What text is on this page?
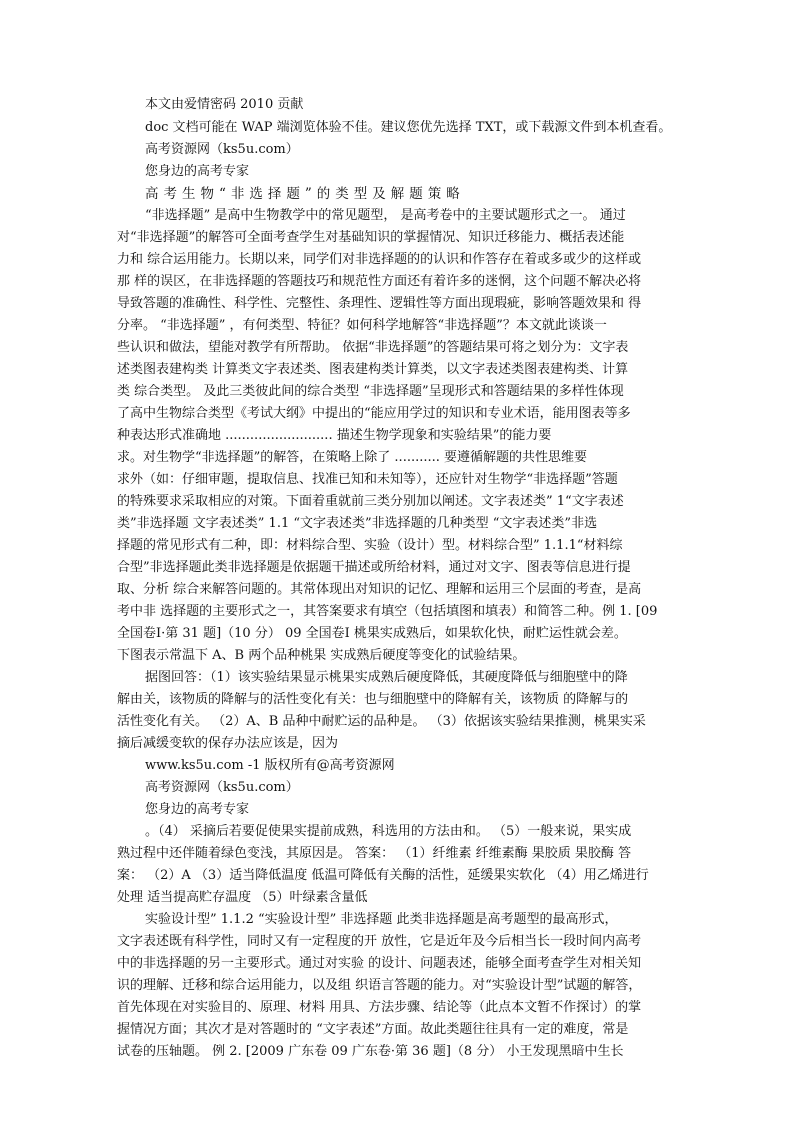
本文由爱情密码 2010 贡献
doc 文档可能在 WAP 端浏览体验不佳。建议您优先选择 TXT，或下载源文件到本机查看。
高考资源网（ks5u.com）
您身边的高考专家
高考生物“非选择题”的类型及解题策略
“非选择题” 是高中生物教学中的常见题型， 是高考卷中的主要试题形式之一。 通过
对“非选择题”的解答可全面考查学生对基础知识的掌握情况、知识迁移能力、概括表述能
力和 综合运用能力。长期以来，同学们对非选择题的的认识和作答存在着或多或少的这样或
那 样的误区，在非选择题的答题技巧和规范性方面还有着许多的迷惘，这个问题不解决必将
导致答题的准确性、科学性、完整性、条理性、逻辑性等方面出现瑕疵，影响答题效果和 得
分率。 “非选择题” ，有何类型、特征？如何科学地解答“非选择题”？本文就此谈谈一
些认识和做法，望能对教学有所帮助。 依据“非选择题”的答题结果可将之划分为：文字表
述类图表建构类 计算类文字表述类、图表建构类计算类，以文字表述类图表建构类、计算
类 综合类型。 及此三类彼此间的综合类型 “非选择题”呈现形式和答题结果的多样性体现
了高中生物综合类型《考试大纲》中提出的“能应用学过的知识和专业术语，能用图表等多
种表达形式准确地 .......................... 描述生物学现象和实验结果”的能力要
求。对生物学“非选择题”的解答，在策略上除了 ........... 要遵循解题的共性思维要
求外（如：仔细审题，提取信息、找准已知和未知等），还应针对生物学“非选择题”答题
的特殊要求采取相应的对策。下面着重就前三类分别加以阐述。文字表述类” 1“文字表述
类”非选择题 文字表述类” 1.1 “文字表述类”非选择题的几种类型 “文字表述类”非选
择题的常见形式有二种，即：材料综合型、实验（设计）型。材料综合型” 1.1.1“材料综
合型”非选择题此类非选择题是依据题干描述或所给材料，通过对文字、图表等信息进行提
取、分析 综合来解答问题的。其常体现出对知识的记忆、理解和运用三个层面的考查，是高
考中非 选择题的主要形式之一，其答案要求有填空（包括填图和填表）和简答二种。例 1. [09
全国卷Ⅰ·第 31 题]（10 分） 09 全国卷Ⅰ 桃果实成熟后，如果软化快，耐贮运性就会差。
下图表示常温下 A、B 两个品种桃果 实成熟后硬度等变化的试验结果。
据图回答：（1）该实验结果显示桃果实成熟后硬度降低，其硬度降低与细胞壁中的降
解由关，该物质的降解与的活性变化有关：也与细胞壁中的降解有关，该物质 的降解与的
活性变化有关。 （2）A、B 品种中耐贮运的品种是。 （3）依据该实验结果推测，桃果实采
摘后减缓变软的保存办法应该是，因为
www.ks5u.com -1 版权所有@高考资源网
高考资源网（ks5u.com）
您身边的高考专家
。（4） 采摘后若要促使果实提前成熟，科选用的方法由和。 （5）一般来说，果实成
熟过程中还伴随着绿色变浅，其原因是。 答案： （1）纤维素 纤维素酶 果胶质 果胶酶 答
案： （2）A （3）适当降低温度 低温可降低有关酶的活性，延缓果实软化 （4）用乙烯进行
处理 适当提高贮存温度 （5）叶绿素含量低
实验设计型” 1.1.2 “实验设计型” 非选择题 此类非选择题是高考题型的最高形式，
文字表述既有科学性，同时又有一定程度的开 放性，它是近年及今后相当长一段时间内高考
中的非选择题的另一主要形式。通过对实验 的设计、问题表述，能够全面考查学生对相关知
识的理解、迁移和综合运用能力，以及组 织语言答题的能力。对“实验设计型”试题的解答，
首先体现在对实验目的、原理、材料 用具、方法步骤、结论等（此点本文暂不作探讨）的掌
握情况方面；其次才是对答题时的 “文字表述”方面。故此类题往往具有一定的难度，常是
试卷的压轴题。 例 2. [2009 广东卷 09 广东卷·第 36 题]（8 分） 小王发现黑暗中生长
